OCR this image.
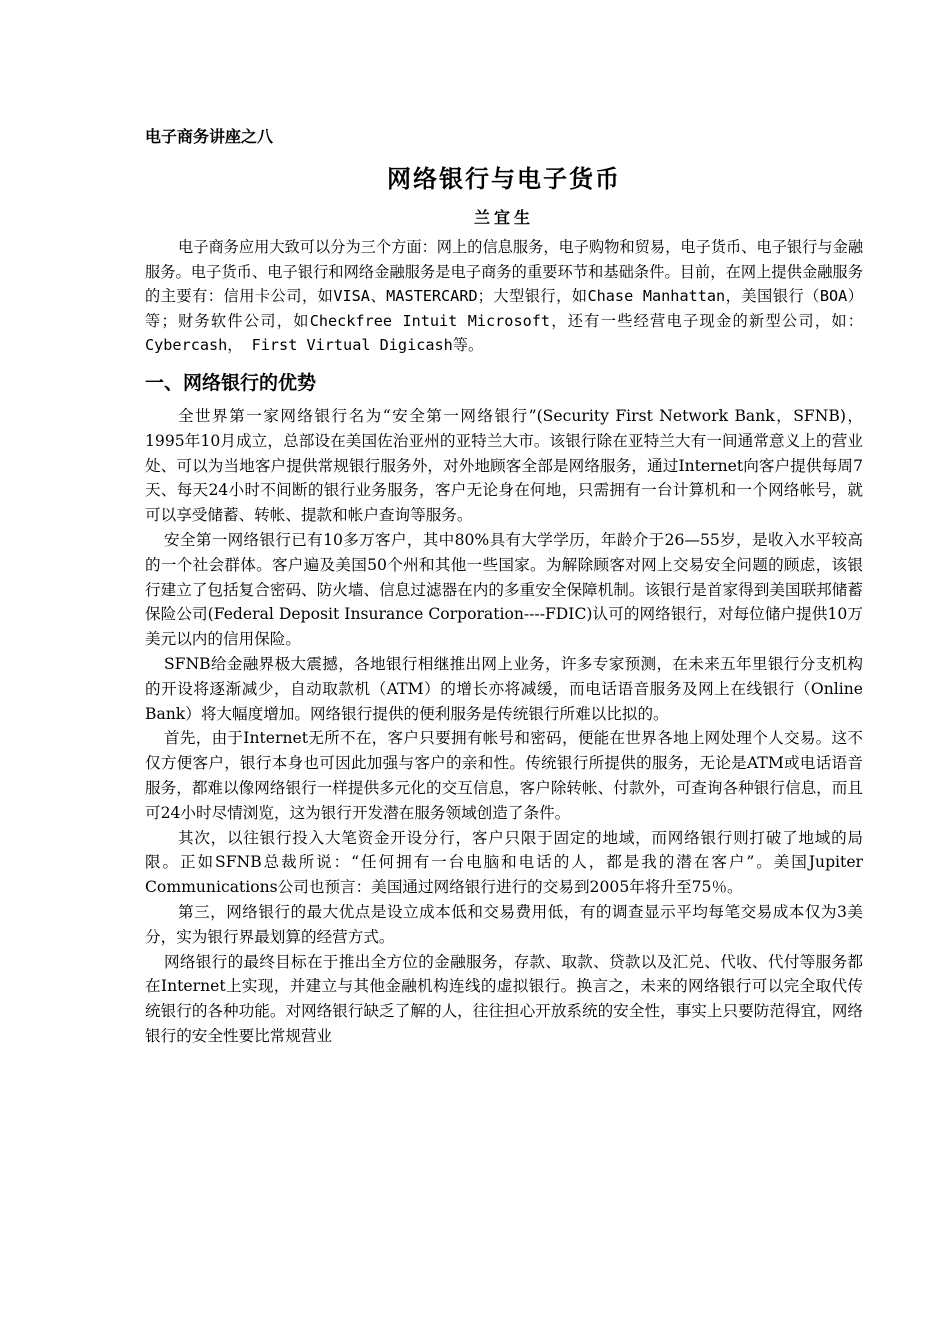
电子商务讲座之八

网络银行与电子货币

兰宜生

电子商务应用大致可以分为三个方面：网上的信息服务，电子购物和贸易，电子货币、电子银行与金融服务。电子货币、电子银行和网络金融服务是电子商务的重要环节和基础条件。目前，在网上提供金融服务的主要有：信用卡公司，如VISA、MASTERCARD；大型银行，如Chase Manhattan，美国银行（BOA）等；财务软件公司，如Checkfree Intuit Microsoft，还有一些经营电子现金的新型公司，如：Cybercash， First Virtual Digicash等。

一、网络银行的优势

全世界第一家网络银行名为“安全第一网络银行”(Security First Network Bank，SFNB)，1995年10月成立，总部设在美国佐治亚州的亚特兰大市。该银行除在亚特兰大有一间通常意义上的营业处、可以为当地客户提供常规银行服务外，对外地顾客全部是网络服务，通过Internet向客户提供每周7天、每天24小时不间断的银行业务服务，客户无论身在何地，只需拥有一台计算机和一个网络帐号，就可以享受储蓄、转帐、提款和帐户查询等服务。

安全第一网络银行已有10多万客户，其中80%具有大学学历，年龄介于26—55岁，是收入水平较高的一个社会群体。客户遍及美国50个州和其他一些国家。为解除顾客对网上交易安全问题的顾虑，该银行建立了包括复合密码、防火墙、信息过滤器在内的多重安全保障机制。该银行是首家得到美国联邦储蓄保险公司(Federal Deposit Insurance Corporation----FDIC)认可的网络银行，对每位储户提供10万美元以内的信用保险。

SFNB给金融界极大震撼，各地银行相继推出网上业务，许多专家预测，在未来五年里银行分支机构的开设将逐渐减少，自动取款机（ATM）的增长亦将减缓，而电话语音服务及网上在线银行（Online Bank）将大幅度增加。网络银行提供的便利服务是传统银行所难以比拟的。

首先，由于Internet无所不在，客户只要拥有帐号和密码，便能在世界各地上网处理个人交易。这不仅方便客户，银行本身也可因此加强与客户的亲和性。传统银行所提供的服务，无论是ATM或电话语音服务，都难以像网络银行一样提供多元化的交互信息，客户除转帐、付款外，可查询各种银行信息，而且可24小时尽情浏览，这为银行开发潜在服务领域创造了条件。

其次，以往银行投入大笔资金开设分行，客户只限于固定的地域，而网络银行则打破了地域的局限。正如SFNB总裁所说：“任何拥有一台电脑和电话的人，都是我的潜在客户”。美国Jupiter Communications公司也预言：美国通过网络银行进行的交易到2005年将升至75％。

第三，网络银行的最大优点是设立成本低和交易费用低，有的调查显示平均每笔交易成本仅为3美分，实为银行界最划算的经营方式。

网络银行的最终目标在于推出全方位的金融服务，存款、取款、贷款以及汇兑、代收、代付等服务都在Internet上实现，并建立与其他金融机构连线的虚拟银行。换言之，未来的网络银行可以完全取代传统银行的各种功能。对网络银行缺乏了解的人，往往担心开放系统的安全性，事实上只要防范得宜，网络银行的安全性要比常规营业
